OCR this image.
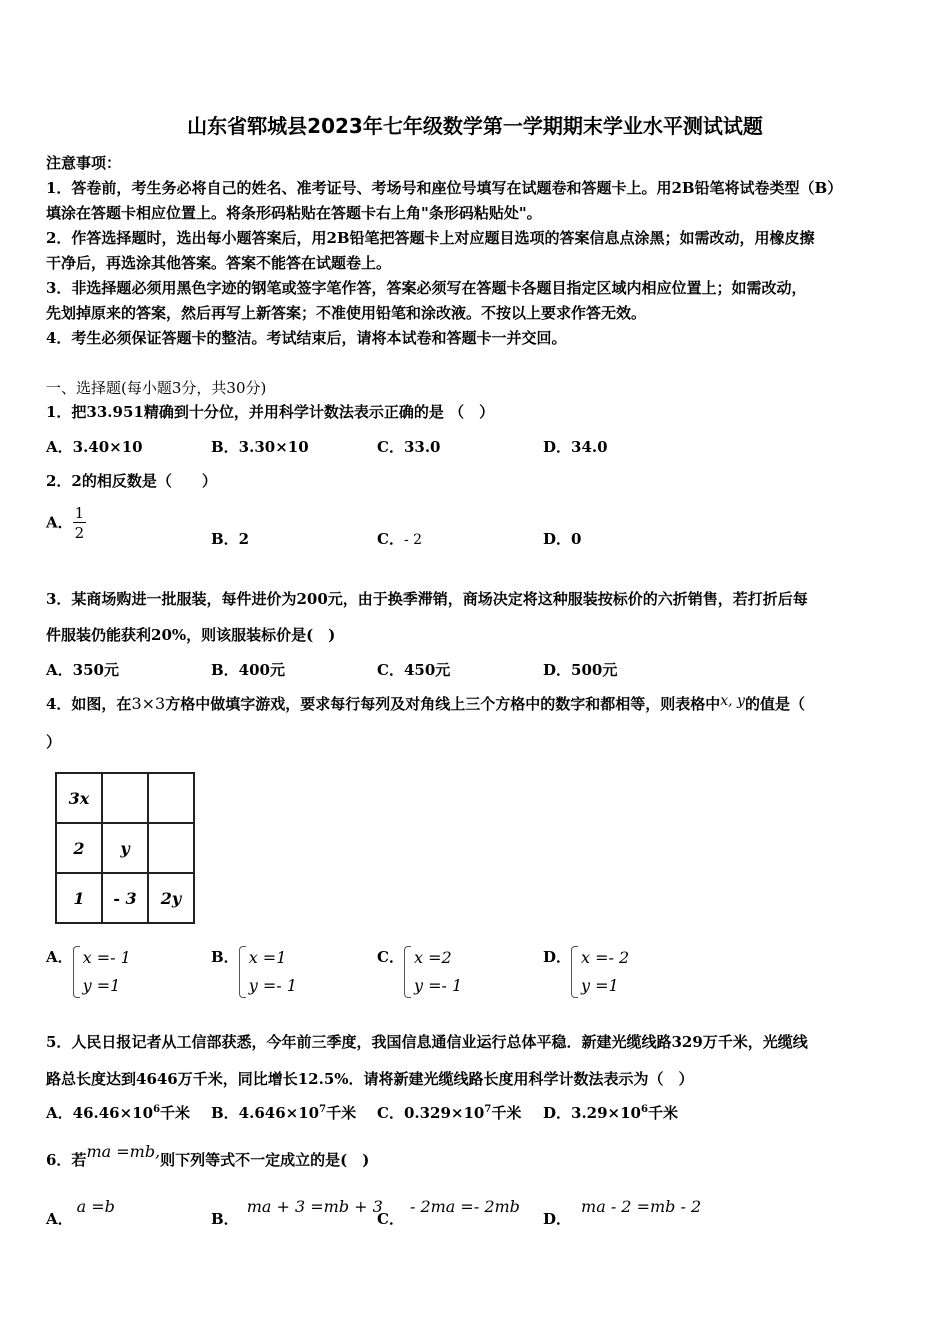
山东省郓城县2023年七年级数学第一学期期末学业水平测试试题
注意事项：
1．答卷前，考生务必将自己的姓名、准考证号、考场号和座位号填写在试题卷和答题卡上。用2B铅笔将试卷类型（B）
填涂在答题卡相应位置上。将条形码粘贴在答题卡右上角"条形码粘贴处"。
2．作答选择题时，选出每小题答案后，用2B铅笔把答题卡上对应题目选项的答案信息点涂黑；如需改动，用橡皮擦
干净后，再选涂其他答案。答案不能答在试题卷上。
3．非选择题必须用黑色字迹的钢笔或签字笔作答，答案必须写在答题卡各题目指定区域内相应位置上；如需改动，
先划掉原来的答案，然后再写上新答案；不准使用铅笔和涂改液。不按以上要求作答无效。
4．考生必须保证答题卡的整洁。考试结束后，请将本试卷和答题卡一并交回。
一、选择题(每小题3分，共30分)
1．把33.951精确到十分位，并用科学计数法表示正确的是 （　）
A．3.40×10	B．3.30×10	C．33.0	D．34.0
2．2的相反数是（　　）
A． $\frac{1}{2}$	B．2	C．- 2	D．0
3．某商场购进一批服装，每件进价为200元，由于换季滞销，商场决定将这种服装按标价的六折销售，若打折后每
件服装仍能获利20%，则该服装标价是(　)
A．350元	B．400元	C．450元	D．500元
4．如图，在3×3方格中做填字游戏，要求每行每列及对角线上三个方格中的数字和都相等，则表格中x, y的值是（
）
3x		
2	y	
1	- 3	2y
A． x =- 1
y =1
B． x =1
y =- 1
C． x =2
y =- 1
D． x =- 2
y =1
5．人民日报记者从工信部获悉，今年前三季度，我国信息通信业运行总体平稳．新建光缆线路329万千米，光缆线
路总长度达到4646万千米，同比增长12.5%．请将新建光缆线路长度用科学计数法表示为（　）
A．$46.46\times 10^6$千米 B．$4.646\times 10^7$千米 C．$0.329\times 10^7$千米 D．$3.29\times 10^6$千米
6．若ma =mb,则下列等式不一定成立的是(　)
A．a =b
B．ma + 3 =mb + 3
C．- 2ma =- 2mb
D．ma - 2 =mb - 2
